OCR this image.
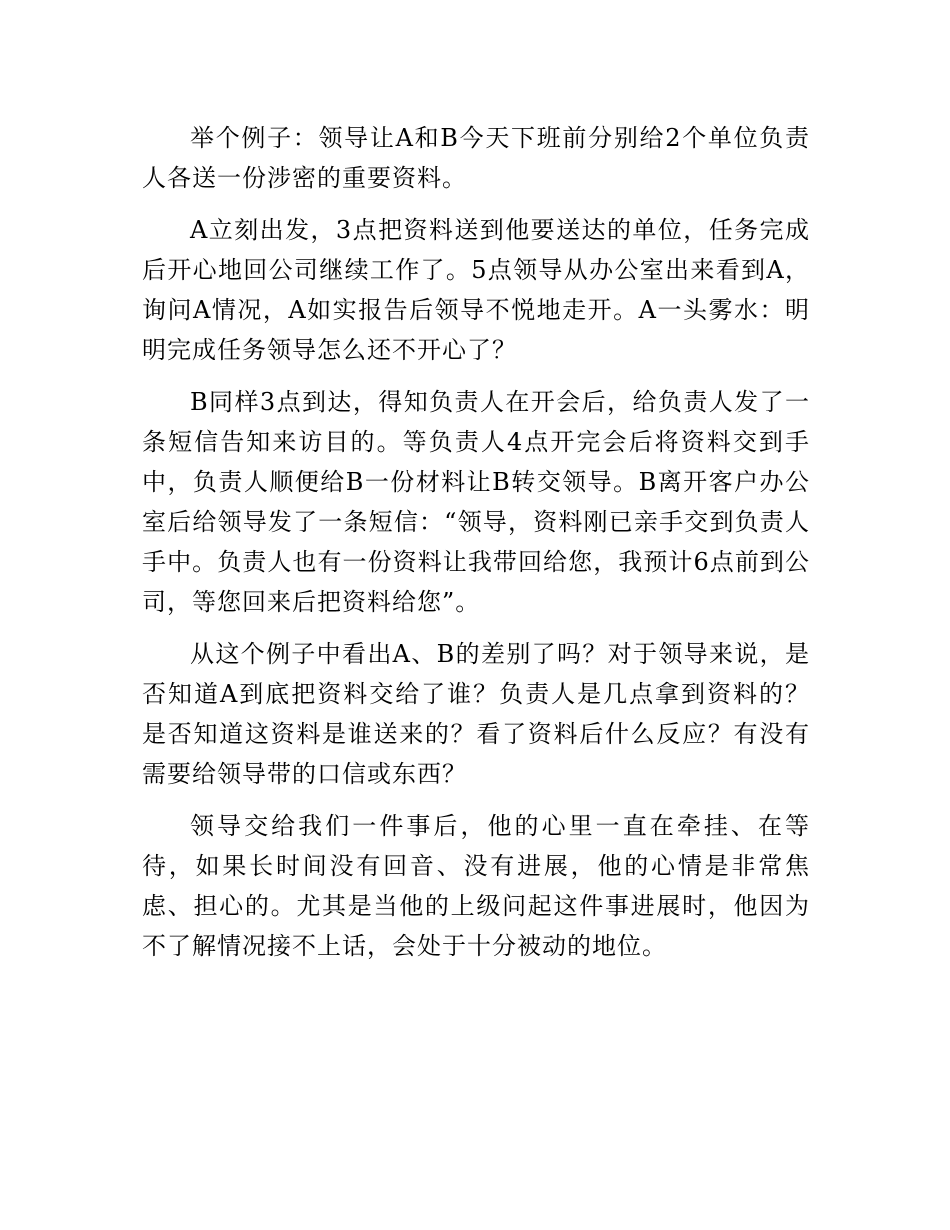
举个例子：领导让A和B今天下班前分别给2个单位负责人各送一份涉密的重要资料。

A立刻出发，3点把资料送到他要送达的单位，任务完成后开心地回公司继续工作了。5点领导从办公室出来看到A，询问A情况，A如实报告后领导不悦地走开。A一头雾水：明明完成任务领导怎么还不开心了？

B同样3点到达，得知负责人在开会后，给负责人发了一条短信告知来访目的。等负责人4点开完会后将资料交到手中，负责人顺便给B一份材料让B转交领导。B离开客户办公室后给领导发了一条短信：“领导，资料刚已亲手交到负责人手中。负责人也有一份资料让我带回给您，我预计6点前到公司，等您回来后把资料给您”。

从这个例子中看出A、B的差别了吗？对于领导来说，是否知道A到底把资料交给了谁？负责人是几点拿到资料的？是否知道这资料是谁送来的？看了资料后什么反应？有没有需要给领导带的口信或东西？

领导交给我们一件事后，他的心里一直在牵挂、在等待，如果长时间没有回音、没有进展，他的心情是非常焦虑、担心的。尤其是当他的上级问起这件事进展时，他因为不了解情况接不上话，会处于十分被动的地位。
